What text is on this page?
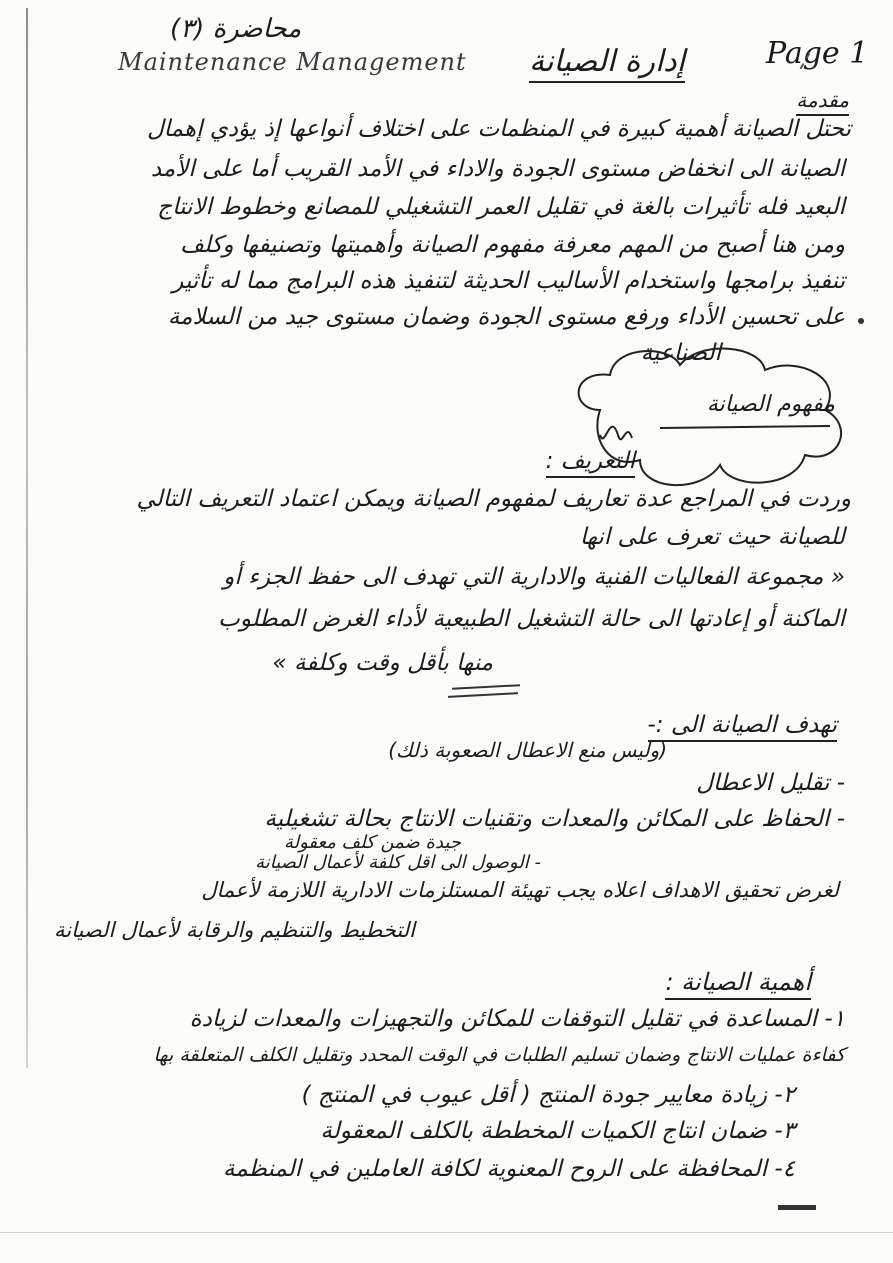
محاضرة (٣)
Maintenance Management إدارة الصيانة	Page 1
مقدمة
تحتل الصيانة أهمية كبيرة في المنظمات على اختلاف أنواعها إذ يؤدي إهمال
الصيانة الى انخفاض مستوى الجودة والاداء في الأمد القريب أما على الأمد
البعيد فله تأثيرات بالغة في تقليل العمر التشغيلي للمصانع وخطوط الانتاج
ومن هنا أصبح من المهم معرفة مفهوم الصيانة وأهميتها وتصنيفها وكلف
تنفيذ برامجها واستخدام الأساليب الحديثة لتنفيذ هذه البرامج مما له تأثير
على تحسين الأداء ورفع مستوى الجودة وضمان مستوى جيد من السلامة
الصناعية
مفهوم الصيانة
التعريف :
وردت في المراجع عدة تعاريف لمفهوم الصيانة ويمكن اعتماد التعريف التالي
للصيانة حيث تعرف على انها
« مجموعة الفعاليات الفنية والادارية التي تهدف الى حفظ الجزء أو
الماكنة أو إعادتها الى حالة التشغيل الطبيعية لأداء الغرض المطلوب
منها بأقل وقت وكلفة »
تهدف الصيانة الى :-
(وليس منع الاعطال الصعوبة ذلك)
- تقليل الاعطال
- الحفاظ على المكائن والمعدات وتقنيات الانتاج بحالة تشغيلية
جيدة ضمن كلف معقولة
- الوصول الى اقل كلفة لأعمال الصيانة
لغرض تحقيق الاهداف اعلاه يجب تهيئة المستلزمات الادارية اللازمة لأعمال
التخطيط والتنظيم والرقابة لأعمال الصيانة
أهمية الصيانة :
١- المساعدة في تقليل التوقفات للمكائن والتجهيزات والمعدات لزيادة
كفاءة عمليات الانتاج وضمان تسليم الطلبات في الوقت المحدد وتقليل الكلف المتعلقة بها
٢- زيادة معايير جودة المنتج ( أقل عيوب في المنتج )
٣- ضمان انتاج الكميات المخططة بالكلف المعقولة
٤- المحافظة على الروح المعنوية لكافة العاملين في المنظمة
